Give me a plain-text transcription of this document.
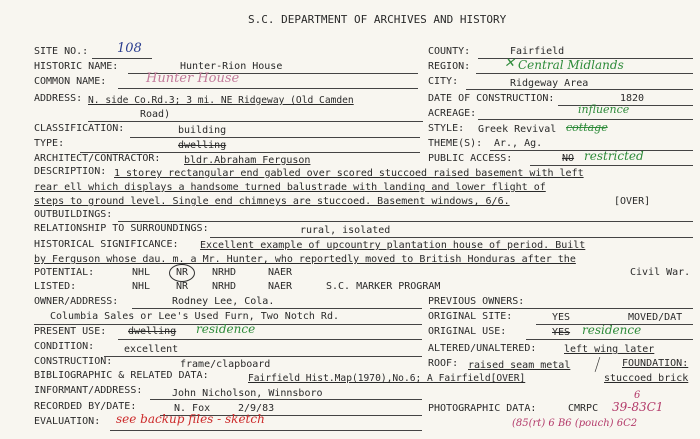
S.C. DEPARTMENT OF ARCHIVES AND HISTORY
SITE NO.: 108
HISTORIC NAME:	Hunter-Rion House
COMMON NAME:	Hunter House
ADDRESS: N. side Co.Rd.3; 3 mi. NE Ridgeway (Old Camden
Road)
CLASSIFICATION:	building
TYPE:	dwelling
ARCHITECT/CONTRACTOR: bldr.Abraham Ferguson
COUNTY:	Fairfield
REGION:	✕ Central Midlands
CITY:	Ridgeway Area
DATE OF CONSTRUCTION:	1820
ACREAGE:	influence
STYLE: Greek Revival cottage
THEME(S): Ar., Ag.
PUBLIC ACCESS:	NO restricted
DESCRIPTION: 1 storey rectangular end gabled over scored stuccoed raised basement with left
rear ell which displays a handsome turned balustrade with landing and lower flight of
steps to ground level. Single end chimneys are stuccoed. Basement windows, 6/6.	[OVER]
OUTBUILDINGS:
RELATIONSHIP TO SURROUNDINGS:	rural, isolated
HISTORICAL SIGNIFICANCE: Excellent example of upcountry plantation house of period. Built
by Ferguson whose dau. m. a Mr. Hunter, who reportedly moved to British Honduras after the
Civil War.
POTENTIAL:	NHL	NR NRHD	NAER
LISTED:	NHL	NR NRHD	NAER	S.C. MARKER PROGRAM
OWNER/ADDRESS:	Rodney Lee, Cola.
Columbia Sales or Lee's Used Furn, Two Notch Rd.
PRESENT USE: dwelling residence
CONDITION:	excellent
CONSTRUCTION:	frame/clapboard
PREVIOUS OWNERS:
ORIGINAL SITE:	YES	MOVED/DAT
ORIGINAL USE:	YES residence
ALTERED/UNALTERED:	left wing later
ROOF: raised seam metal	FOUNDATION:
stuccoed brick
⟋
BIBLIOGRAPHIC & RELATED DATA:	Fairfield Hist.Map(1970),No.6; A Fairfield[OVER]
INFORMANT/ADDRESS:	John Nicholson, Winnsboro
RECORDED BY/DATE:	N. Fox	2/9/83
EVALUATION: see backup files - sketch
PHOTOGRAPHIC DATA:	CMRPC
6
39-83C1
(85(rt) 6 B6 (pouch) 6C2
